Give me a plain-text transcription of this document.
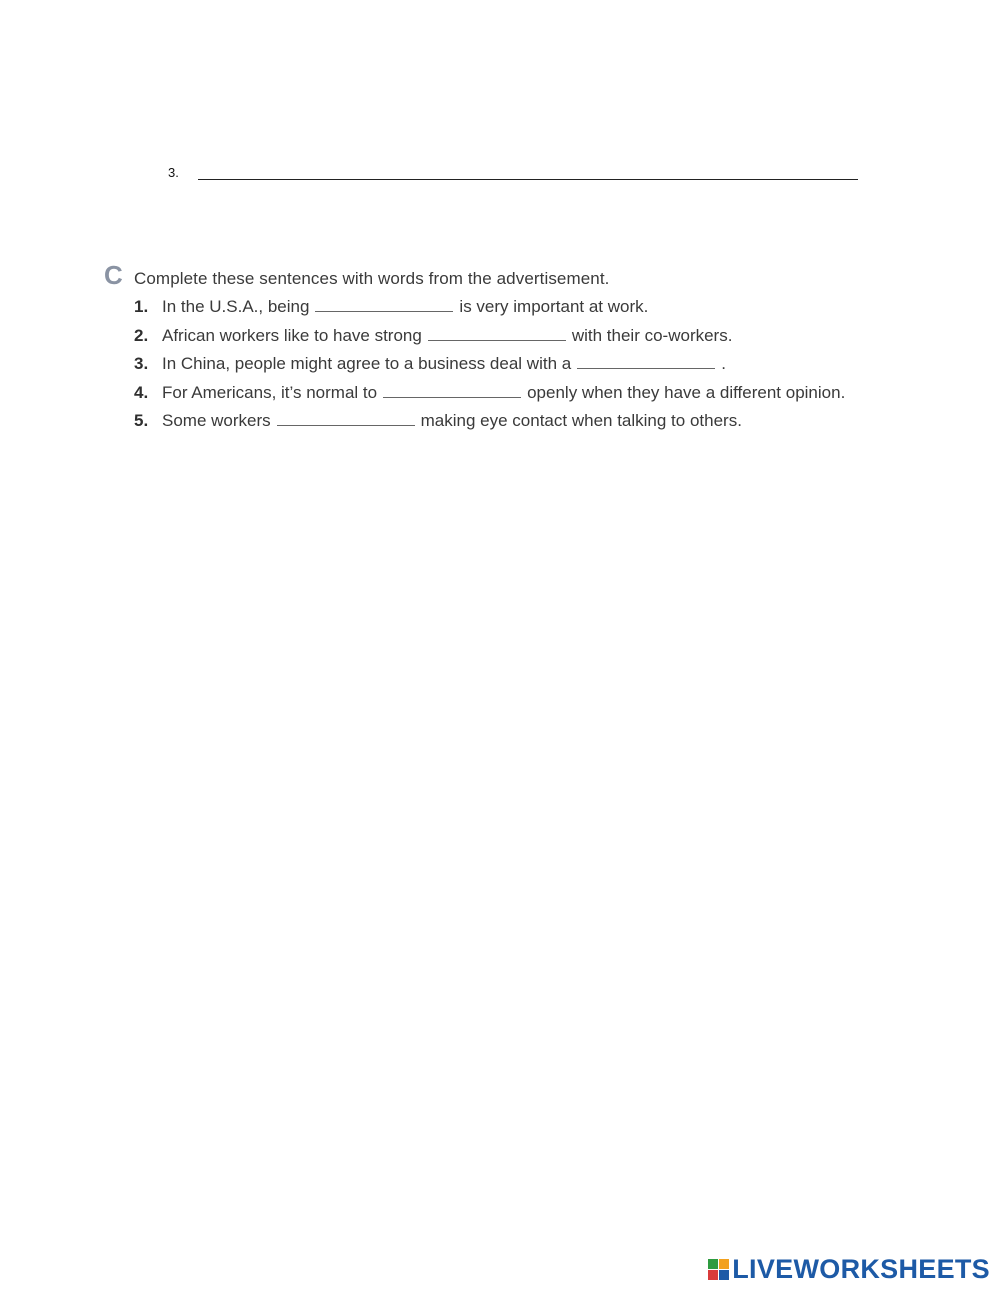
3.
C Complete these sentences with words from the advertisement.
1. In the U.S.A., being	is very important at work.
2. African workers like to have strong	with their co-workers.
3. In China, people might agree to a business deal with a	.
4. For Americans, it’s normal to	openly when they have a different opinion.
5. Some workers	making eye contact when talking to others.
LIVEWORKSHEETS
